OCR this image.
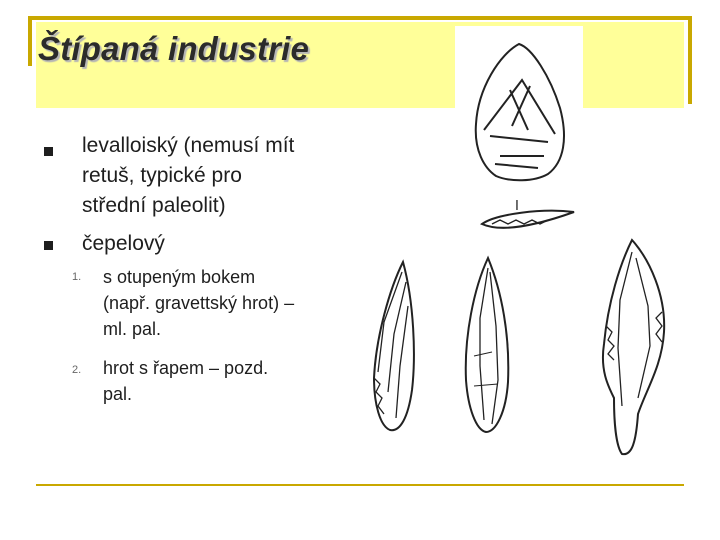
Štípaná industrie
I
levalloiský (nemusí mít
retuš, typické pro
střední paleolit)
čepelový
1. s otupeným bokem
(např. gravettský hrot) –
ml. pal.
2. hrot s řapem – pozd.
pal.
